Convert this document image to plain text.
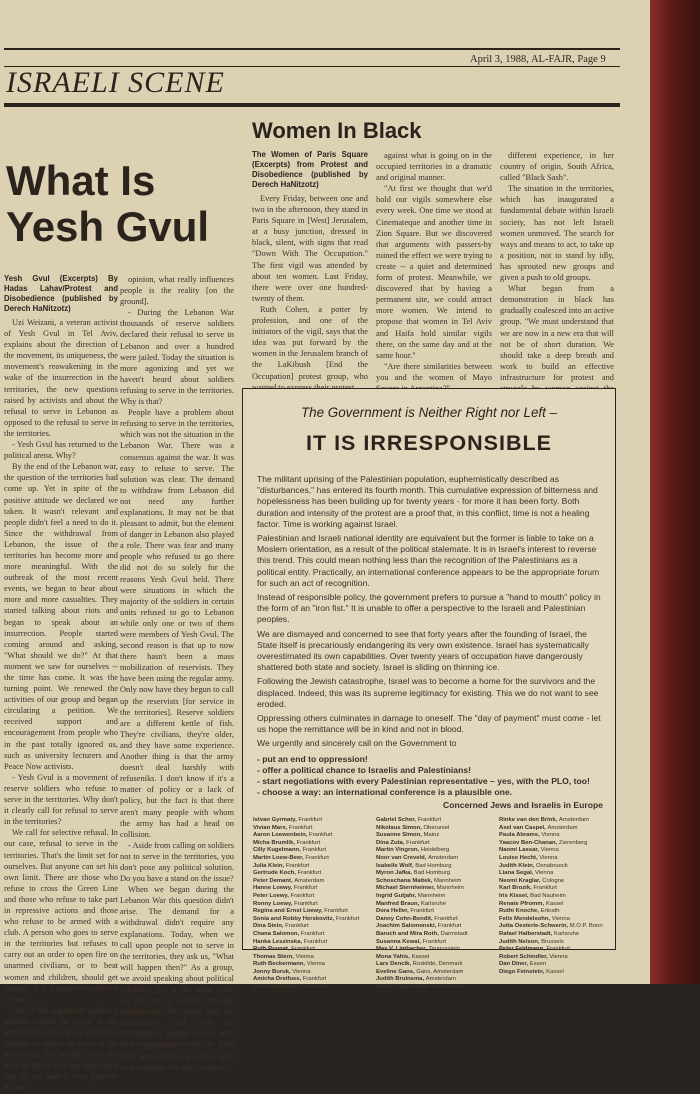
April 3, 1988, AL-FAJR, Page 9
ISRAELI SCENE
What Is
Yesh Gvul
Yesh Gvul (Excerpts) By Hadas Lahav/Protest and Disobedience (published by Derech HaNitzotz)

Uzi Weizani, a veteran activist of Yesh Gvul in Tel Aviv, explains about the direction of the movement, its uniqueness, the movement's reawakening in the wake of the insurrection in the territories, the new questions raised by activists and about the refusal to serve in Lebanon as opposed to the refusal to serve in the territories.

- Yesh Gvul has returned to the political arena. Why?

By the end of the Lebanon war, the question of the territories had come up. Yet in spite of the positive attitude we declared we taken. It wasn't relevant and people didn't feel a need to do it. Since the withdrawal from Lebanon, the issue of the territories has become more and more meaningful. With the outbreak of the most recent events, we began to hear about more and more casualties. They started talking about riots and began to speak about an insurrection. People started coming around and asking, "What should we do?" At that moment we saw for ourselves -- the time has come. It was the turning point. We renewed the activities of our group and began circulating a petition. We received support and encouragement from people who in the past totally ignored us, such as university lecturers and Peace Now activists.

- Yesh Gvul is a movement of reserve soldiers who refuse to serve in the territories. Why don't it clearly call for refusal to serve in the territories?

We call for selective refusal. In our case, refusal to serve in the territories. That's the limit set for ourselves. But anyone can set his own limit. There are those who refuse to cross the Green Line and those who refuse to take part in repressive actions and those who refuse to be armed with a club. A person who goes to serve in the territories but refuses to carry out an order to open fire on unarmed civilians, or to beat women and children, should get support. It is a matter of selective refusal.

One of the arguments against a blanket refusal to serve in the territories] is that if we called on soldiers to refuse to serve in the territories] we would close the door to those who are undecided and do not have a clear position [to my

opinion, what really influences people is the reality [on the ground].

- During the Lebanon War thousands of reserve soldiers declared their refusal to serve in Lebanon and over a hundred were jailed. Today the situation is more agonizing and yet we haven't heard about soldiers refusing to serve in the territories. Why is that?

People have a problem about refusing to serve in the territories, which was not the situation in the Lebanon War. There was a consensus against the war. It was easy to refuse to serve. The solution was clear. The demand to withdraw from Lebanon did not need any further explanations. It may not be that pleasant to admit, but the element of danger in Lebanon also played a role. There was fear and many people who refused to go there did not do so solely for the reasons Yesh Gvul held. There were situations in which the majority of the soldiers in certain units refused to go to Lebanon while only one or two of them were members of Yesh Gvul. The second reason is that up to now there hasn't been a mass mobilization of reservists. They have been using the regular army. Only now have they begun to call up the reservists [for service in the territories]. Reserve soldiers are a different kettle of fish. They're civilians, they're older, and they have some experience. Another thing is that the army doesn't deal harshly with refuseniks. I don't know if it's a matter of policy or a lack of policy, but the fact is that there aren't many people with whom the army has had a head on collision.

- Aside from calling on soldiers not to serve in the territories, you don't pose any political solution. Do you have a stand on the issue?

When we began during the Lebanon War this question didn't arise. The demand for a withdrawal didn't require any explanations. Today, when we call upon people not to serve in the territories, they ask us, "What will happen then?" As a group, we avoid speaking about political solutions, yet at the same time, we call for a solution through negotiations. We argue that the Palestinians, and only the Palestinians, should decide who their representatives will be. Yesh Gvul sees itself as a unique type of movement. We don't want to

Women In Black
The Women of Paris Square (Excerpts) from Protest and Disobedience (published by Derech HaNitzotz)

Every Friday, between one and two in the afternoon, they stand in Paris Square in [West] Jerusalem, at a busy junction, dressed in black, silent, with signs that read "Down With The Occupation." The first vigil was attended by about ten women. Last Friday, there were over one hundred-twenty of them.

Ruth Cohen, a potter by profession, and one of the initiators of the vigil, says that the idea was put forward by the women in the Jerusalem branch of the LaKibush [End the Occupation] protest group, who

against what is going on in the occupied territories in a dramatic and original manner.

"At first we thought that we'd hold our vigils somewhere else every week. One time we stood at Cinemateque and another time in Zion Square. But we discovered that arguments with passers-by ruined the effect we were trying to create -- a quiet and determined form of protest. Meanwhile, we discovered that by having a permanent site, we could attract more women. We intend to propose that women in Tel Aviv and Haifa hold similar vigils there, on the same day and at the same hour."

"Are there similarities between you and the women of Mayo

different experience, in her country of origin, South Africa, called "Black Sash".

The situation in the territories, which has inaugurated a fundamental debate within Israeli society, has not left Israeli women unmoved. The search for ways and means to act, to take up a position, not to stand by idly, has sprouted new groups and given a push to old groups.

What began from a demonstration in black has gradually coalesced into an active group. "We must understand that we are now in a new era that will not be of short duration. We should take a deep breath and work to build an effective infrastructure for protest and

The Government is Neither Right nor Left –
IT IS IRRESPONSIBLE

The militant uprising of the Palestinian population, euphemistically described as "disturbances," has entered its fourth month. This cumulative expression of bitterness and hopelessness has been building up for twenty years - for more it has been forty. Both duration and intensity of the protest are a proof that, in this conflict, time is not a healing factor. Time is working against Israel.

Palestinian and Israeli national identity are equivalent but the former is liable to take on a Moslem orientation, as a result of the political stalemate. It is in Israel's interest to reverse this trend. This could mean nothing less than the recognition of the Palestinians as a political entity. Practically, an international conference appears to be the appropriate forum for such an act of recognition.

Instead of responsible policy, the government prefers to pursue a "hand to mouth" policy in the form of an "iron fist." It is unable to offer a perspective to the Israeli and Palestinian peoples.

We are dismayed and concerned to see that forty years after the founding of Israel, the State itself is precariously endangering its very own existence. Israel has systematically overestimated its own capabilities. Over twenty years of occupation have dangerously shattered both state and society. Israel is sliding on thinning ice.

Following the Jewish catastrophe, Israel was to become a home for the survivors and the displaced. Indeed, this was its supreme legitimacy for existing. This we do not want to see eroded.

Oppressing others culminates in damage to oneself. The "day of payment" must come - let us hope the remittance will be in kind and not in blood.

We urgently and sincerely call on the Government to

- put an end to oppression!
- offer a political chance to Israelis and Palestinians!
- start negotiations with every Palestinian representative – yes, with the PLO, too!
- choose a way: an international conference is a plausible one.
Concerned Jews and Israelis in Europe
Istvan Gyrmaty, Frankfurt
Vivian Marx, Frankfurt
Aaron Loewenbein, Frankfurt
Micha Brumlik, Frankfurt
Cilly Kugelmann, Frankfurt
Martin Loew-Beer, Frankfurt
Julia Klein, Frankfurt
Gertrude Koch, Frankfurt
Peter Demant, Amsterdam
Hanne Loewy, Frankfurt
Peter Loewy, Frankfurt
Ronny Loewy, Frankfurt
Regina and Ernst Loewy, Frankfurt
Sonia and Robby Herskovitz, Frankfurt
Dina Stein, Frankfurt
Chana Salomon, Frankfurt
Hanka Leszinska, Frankfurt
Ruth Ruvnat, Frankfurt
Thomas Stern, Vienna
Ruth Beckermann, Vienna
Jonny Buruk, Vienna
Amicha Dreifuss, Frankfurt
Lena Inowlocki, Rotterdam
Gabriel Schor, Frankfurt
Nikolaus Simon, Oberursel
Susanne Simon, Mainz
Dina Zuta, Frankfurt
Martin Vingron, Heidelberg
Noor van Creveld, Amsterdam
Isabelle Wolf, Bad Homburg
Myron Jafka, Bad Homburg
Schoschana Maitek, Mannheim
Michael Sternheimer, Mannheim
Ingrid Gutjahr, Mannheim
Manfred Braun, Karlsruhe
Dora Heller, Frankfurt
Danny Cohn-Bendit, Frankfurt
Joachim Salomonski, Frankfurt
Baruch and Mira Roth, Darmstadt
Susanna Kewal, Frankfurt
Max V. Limbacher, Taunusstein
Mona Yahis, Kassel
Lars Dencik, Roskilde, Denmark
Eveline Gans, Gans, Amsterdam
Judith Bruinsma, Amsterdam
Ruben Passmanter, Amsterdam
Rinke van den Brink, Amsterdam
Axel van Caspel, Amsterdam
Paula Abrams, Vienna
Yaacov Ben-Chanan, Zierenberg
Naomi Lassar, Vienna
Louise Hecht, Vienna
Judith Klein, Osnabrueck
Liana Segal, Vienna
Neomi Kraglar, Cologne
Karl Brozik, Frankfurt
Iris Kissel, Bad Nauheim
Renate Pfromm, Kassel
Ruthi Knoche, Erkrath
Felix Mendelsohn, Vienna
Jutta Oesterle-Schwerin, M.O.P. Bonn
Rafael Halberstadt, Karlsruhe
Judith Nelson, Brussels
Peter Feldmann, Frankfurt
Robert Schindler, Vienna
Dan Diner, Essen
Diego Feinstein, Kassel
